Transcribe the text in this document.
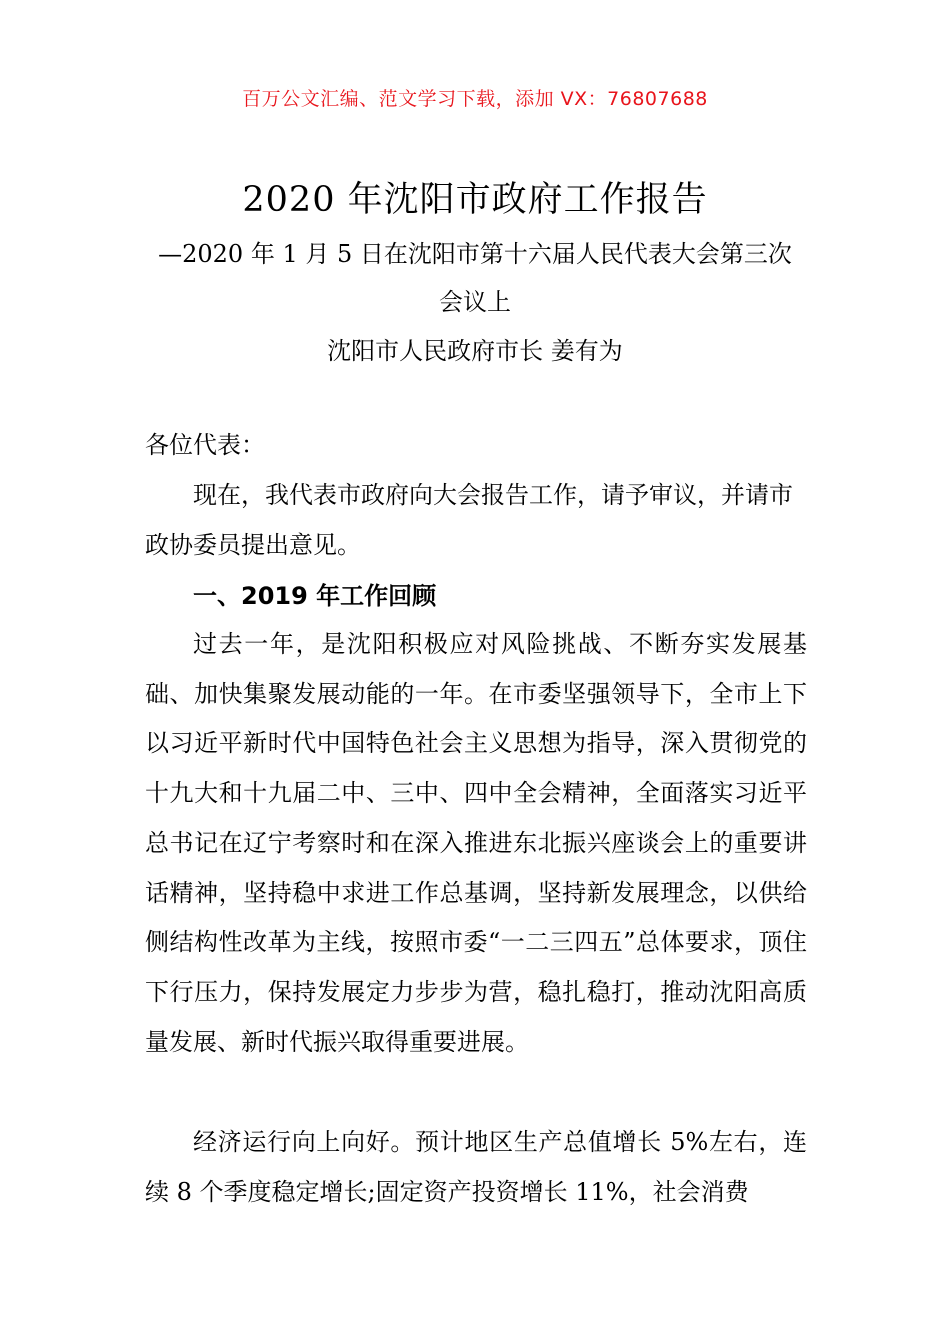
百万公文汇编、范文学习下载，添加 VX：76807688
2020 年沈阳市政府工作报告
—2020 年 1 月 5 日在沈阳市第十六届人民代表大会第三次
会议上
沈阳市人民政府市长 姜有为
各位代表：
现在，我代表市政府向大会报告工作，请予审议，并请市政协委员提出意见。
一、2019 年工作回顾
过去一年，是沈阳积极应对风险挑战、不断夯实发展基础、加快集聚发展动能的一年。在市委坚强领导下，全市上下以习近平新时代中国特色社会主义思想为指导，深入贯彻党的十九大和十九届二中、三中、四中全会精神，全面落实习近平总书记在辽宁考察时和在深入推进东北振兴座谈会上的重要讲话精神，坚持稳中求进工作总基调，坚持新发展理念，以供给侧结构性改革为主线，按照市委“一二三四五”总体要求，顶住下行压力，保持发展定力步步为营，稳扎稳打，推动沈阳高质量发展、新时代振兴取得重要进展。
经济运行向上向好。预计地区生产总值增长 5%左右，连续 8 个季度稳定增长;固定资产投资增长 11%，社会消费
